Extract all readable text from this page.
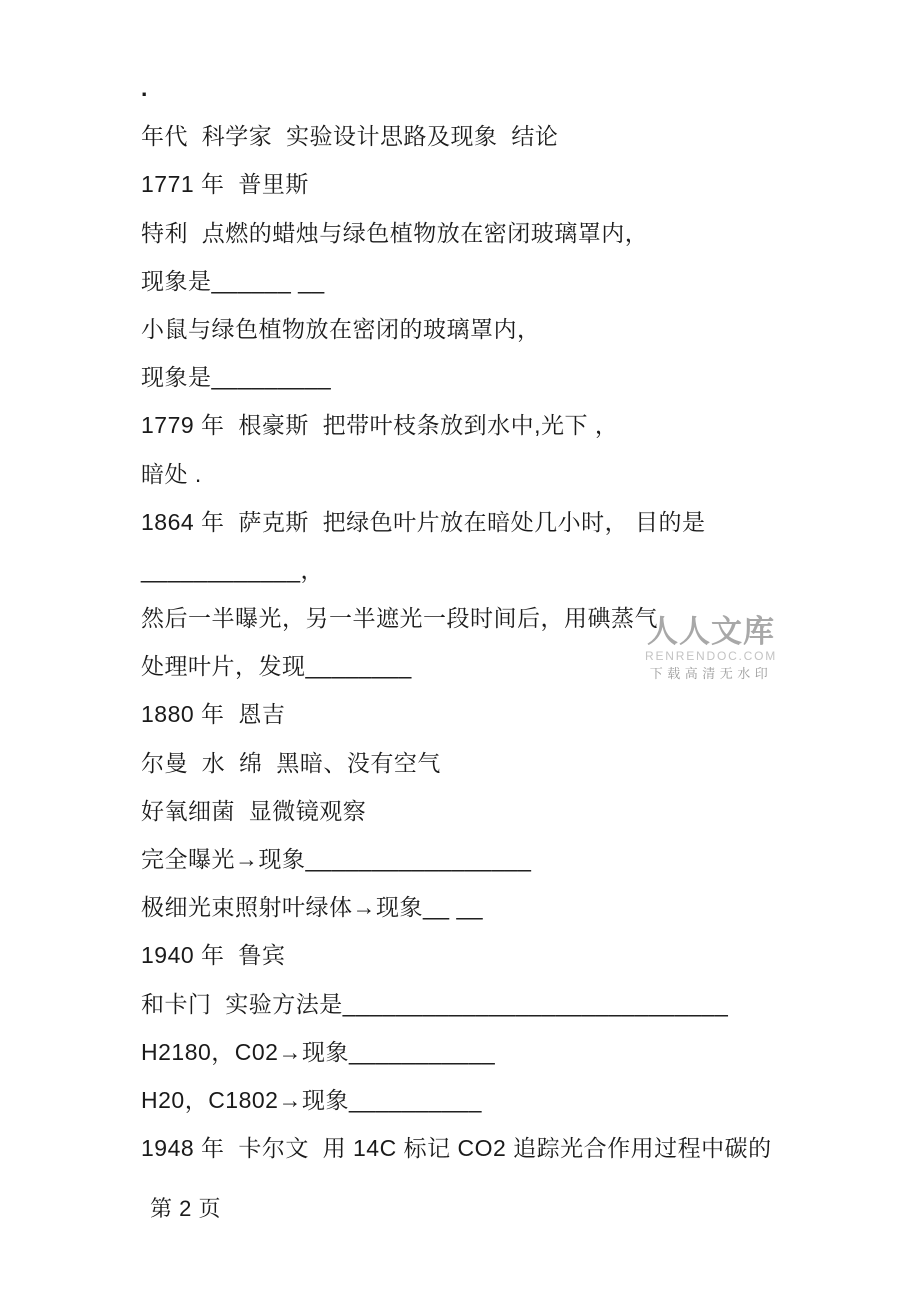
人人文库
RENRENDOC.COM
下载高清无水印
.
年代  科学家  实验设计思路及现象  结论
1771 年  普里斯
特利  点燃的蜡烛与绿色植物放在密闭玻璃罩内，
现象是______ __
小鼠与绿色植物放在密闭的玻璃罩内，
现象是_________
1779 年  根豪斯  把带叶枝条放到水中,光下 ，
暗处 .
1864 年  萨克斯  把绿色叶片放在暗处几小时， 目的是
____________，
然后一半曝光，另一半遮光一段时间后，用碘蒸气
处理叶片，发现________
1880 年  恩吉
尔曼  水  绵  黑暗、没有空气
好氧细菌  显微镜观察
完全曝光→现象_________________
极细光束照射叶绿体→现象__ __
1940 年  鲁宾
和卡门  实验方法是_____________________________
H2180，C02→现象___________
H20，C1802→现象__________
1948 年  卡尔文  用 14C 标记 CO2 追踪光合作用过程中碳的
第 2 页
